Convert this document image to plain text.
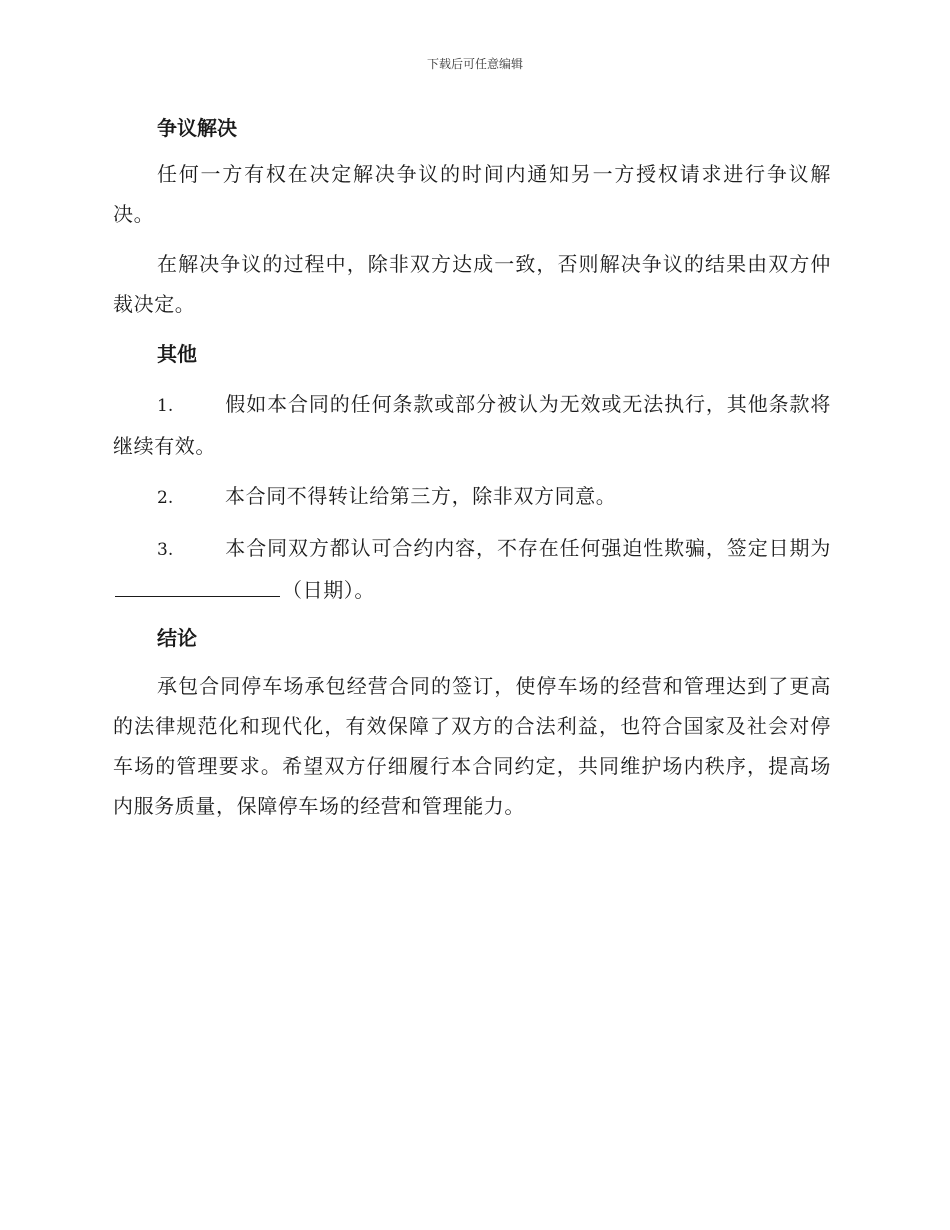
下载后可任意编辑
争议解决

任何一方有权在决定解决争议的时间内通知另一方授权请求进行争议解决。

在解决争议的过程中，除非双方达成一致，否则解决争议的结果由双方仲裁决定。

其他

1.	假如本合同的任何条款或部分被认为无效或无法执行，其他条款将继续有效。

2.	本合同不得转让给第三方，除非双方同意。

3.	本合同双方都认可合约内容，不存在任何强迫性欺骗，签定日期为（日期）。

结论

承包合同停车场承包经营合同的签订，使停车场的经营和管理达到了更高的法律规范化和现代化，有效保障了双方的合法利益，也符合国家及社会对停车场的管理要求。希望双方仔细履行本合同约定，共同维护场内秩序，提高场内服务质量，保障停车场的经营和管理能力。
